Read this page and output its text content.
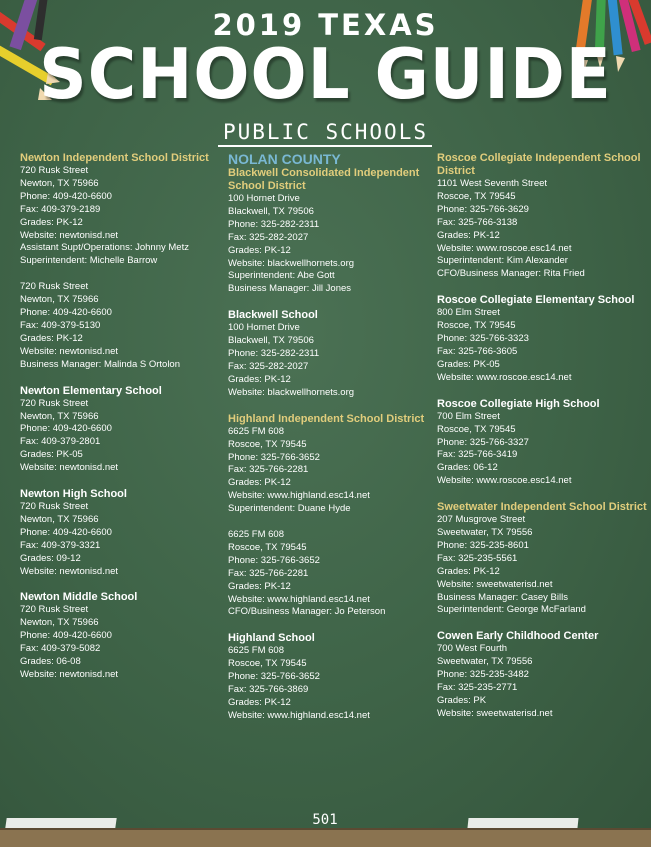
2019 TEXAS
SCHOOL GUIDE
PUBLIC SCHOOLS
Newton Independent School District
720 Rusk Street
Newton, TX 75966
Phone: 409-420-6600
Fax: 409-379-2189
Grades: PK-12
Website: newtonisd.net
Assistant Supt/Operations: Johnny Metz
Superintendent: Michelle Barrow
720 Rusk Street
Newton, TX 75966
Phone: 409-420-6600
Fax: 409-379-5130
Grades: PK-12
Website: newtonisd.net
Business Manager: Malinda S Ortolon
Newton Elementary School
720 Rusk Street
Newton, TX 75966
Phone: 409-420-6600
Fax: 409-379-2801
Grades: PK-05
Website: newtonisd.net
Newton High School
720 Rusk Street
Newton, TX 75966
Phone: 409-420-6600
Fax: 409-379-3321
Grades: 09-12
Website: newtonisd.net
Newton Middle School
720 Rusk Street
Newton, TX 75966
Phone: 409-420-6600
Fax: 409-379-5082
Grades: 06-08
Website: newtonisd.net
NOLAN COUNTY
Blackwell Consolidated Independent School District
100 Hornet Drive
Blackwell, TX 79506
Phone: 325-282-2311
Fax: 325-282-2027
Grades: PK-12
Website: blackwellhornets.org
Superintendent: Abe Gott
Business Manager: Jill Jones
Blackwell School
100 Hornet Drive
Blackwell, TX 79506
Phone: 325-282-2311
Fax: 325-282-2027
Grades: PK-12
Website: blackwellhornets.org
Highland Independent School District
6625 FM 608
Roscoe, TX 79545
Phone: 325-766-3652
Fax: 325-766-2281
Grades: PK-12
Website: www.highland.esc14.net
Superintendent: Duane Hyde
6625 FM 608
Roscoe, TX 79545
Phone: 325-766-3652
Fax: 325-766-2281
Grades: PK-12
Website: www.highland.esc14.net
CFO/Business Manager: Jo Peterson
Highland School
6625 FM 608
Roscoe, TX 79545
Phone: 325-766-3652
Fax: 325-766-3869
Grades: PK-12
Website: www.highland.esc14.net
Roscoe Collegiate Independent School District
1101 West Seventh Street
Roscoe, TX 79545
Phone: 325-766-3629
Fax: 325-766-3138
Grades: PK-12
Website: www.roscoe.esc14.net
Superintendent: Kim Alexander
CFO/Business Manager: Rita Fried
Roscoe Collegiate Elementary School
800 Elm Street
Roscoe, TX 79545
Phone: 325-766-3323
Fax: 325-766-3605
Grades: PK-05
Website: www.roscoe.esc14.net
Roscoe Collegiate High School
700 Elm Street
Roscoe, TX 79545
Phone: 325-766-3327
Fax: 325-766-3419
Grades: 06-12
Website: www.roscoe.esc14.net
Sweetwater Independent School District
207 Musgrove Street
Sweetwater, TX 79556
Phone: 325-235-8601
Fax: 325-235-5561
Grades: PK-12
Website: sweetwaterisd.net
Business Manager: Casey Bills
Superintendent: George McFarland
Cowen Early Childhood Center
700 West Fourth
Sweetwater, TX 79556
Phone: 325-235-3482
Fax: 325-235-2771
Grades: PK
Website: sweetwaterisd.net
501
